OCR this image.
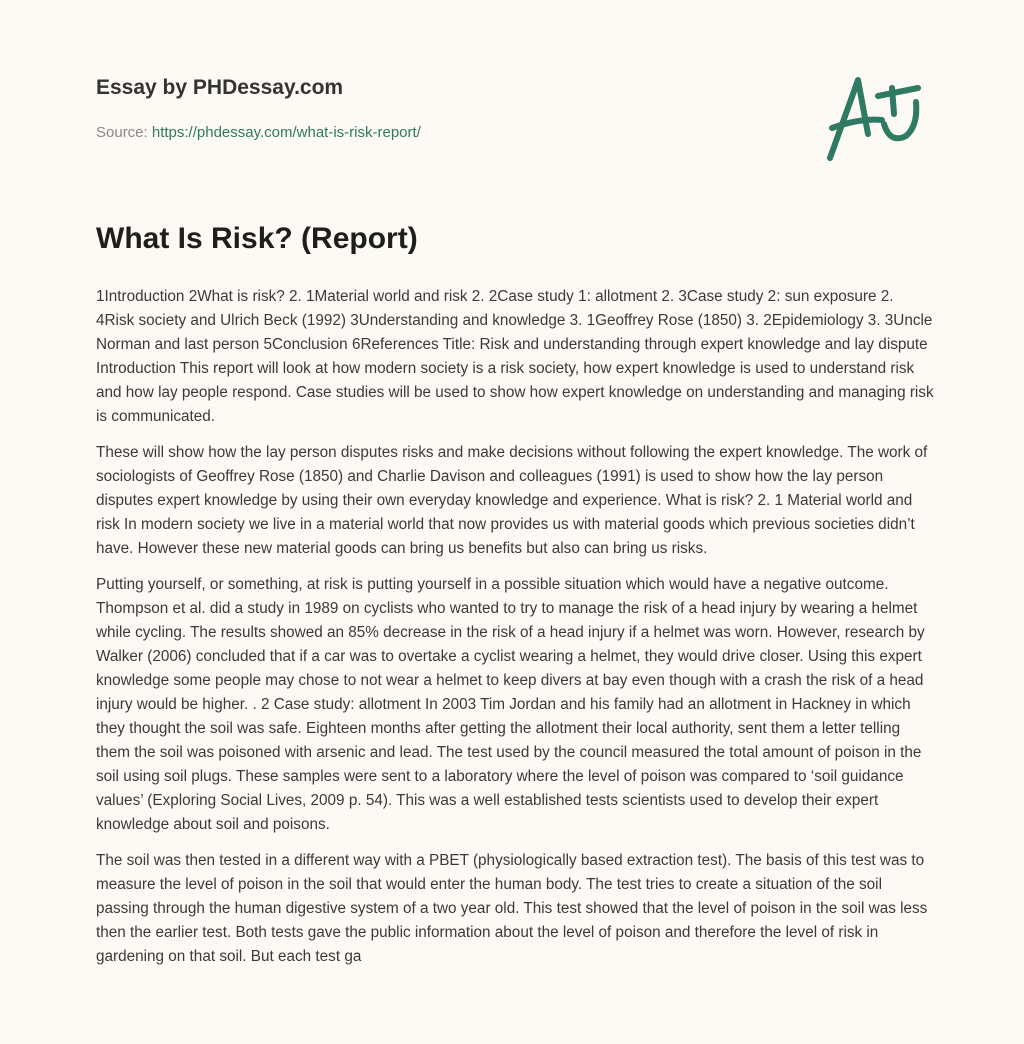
Essay by PHDessay.com
Source: https://phdessay.com/what-is-risk-report/
What Is Risk? (Report)

1Introduction 2What is risk? 2. 1Material world and risk 2. 2Case study 1: allotment 2. 3Case study 2: sun exposure 2. 4Risk society and Ulrich Beck (1992) 3Understanding and knowledge 3. 1Geoffrey Rose (1850) 3. 2Epidemiology 3. 3Uncle Norman and last person 5Conclusion 6References Title: Risk and understanding through expert knowledge and lay dispute Introduction This report will look at how modern society is a risk society, how expert knowledge is used to understand risk and how lay people respond. Case studies will be used to show how expert knowledge on understanding and managing risk is communicated.

These will show how the lay person disputes risks and make decisions without following the expert knowledge. The work of sociologists of Geoffrey Rose (1850) and Charlie Davison and colleagues (1991) is used to show how the lay person disputes expert knowledge by using their own everyday knowledge and experience. What is risk? 2. 1 Material world and risk In modern society we live in a material world that now provides us with material goods which previous societies didn’t have. However these new material goods can bring us benefits but also can bring us risks.

Putting yourself, or something, at risk is putting yourself in a possible situation which would have a negative outcome. Thompson et al. did a study in 1989 on cyclists who wanted to try to manage the risk of a head injury by wearing a helmet while cycling. The results showed an 85% decrease in the risk of a head injury if a helmet was worn. However, research by Walker (2006) concluded that if a car was to overtake a cyclist wearing a helmet, they would drive closer. Using this expert knowledge some people may chose to not wear a helmet to keep divers at bay even though with a crash the risk of a head injury would be higher. . 2 Case study: allotment In 2003 Tim Jordan and his family had an allotment in Hackney in which they thought the soil was safe. Eighteen months after getting the allotment their local authority, sent them a letter telling them the soil was poisoned with arsenic and lead. The test used by the council measured the total amount of poison in the soil using soil plugs. These samples were sent to a laboratory where the level of poison was compared to ‘soil guidance values’ (Exploring Social Lives, 2009 p. 54). This was a well established tests scientists used to develop their expert knowledge about soil and poisons.

The soil was then tested in a different way with a PBET (physiologically based extraction test). The basis of this test was to measure the level of poison in the soil that would enter the human body. The test tries to create a situation of the soil passing through the human digestive system of a two year old. This test showed that the level of poison in the soil was less then the earlier test. Both tests gave the public information about the level of poison and therefore the level of risk in gardening on that soil. But each test ga
